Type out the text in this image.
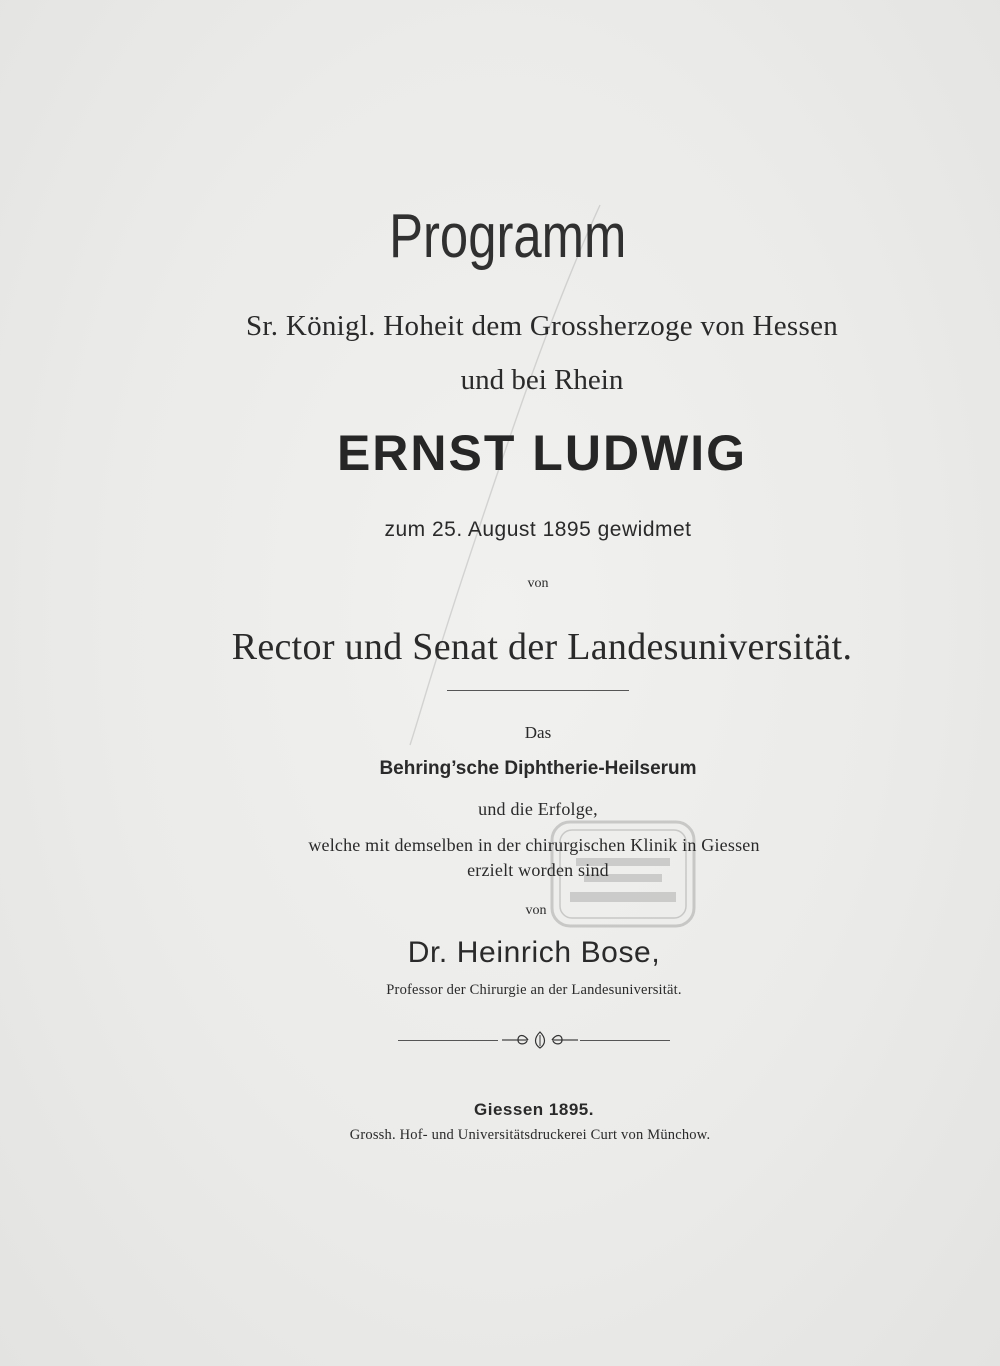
Programm
Sr. Königl. Hoheit dem Grossherzoge von Hessen
und bei Rhein
ERNST LUDWIG
zum 25. August 1895 gewidmet
von
Rector und Senat der Landesuniversität.
Das
Behring’sche Diphtherie-Heilserum
und die Erfolge,
welche mit demselben in der chirurgischen Klinik in Giessen
erzielt worden sind
von
Dr. Heinrich Bose,
Professor der Chirurgie an der Landesuniversität.
Giessen 1895.
Grossh. Hof- und Universitätsdruckerei Curt von Münchow.
